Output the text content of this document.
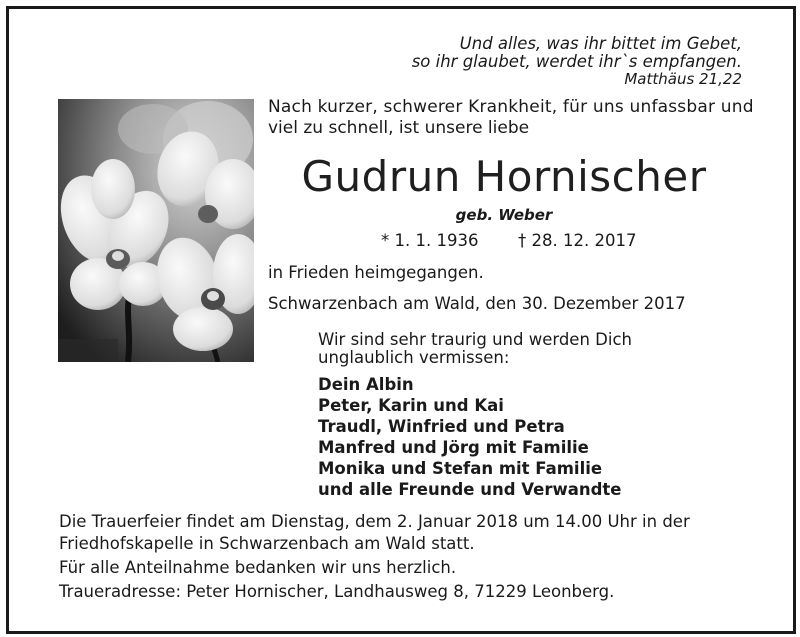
Und alles, was ihr bittet im Gebet,
so ihr glaubet, werdet ihr`s empfangen.
Matthäus 21,22
Nach kurzer, schwerer Krankheit, für uns unfassbar und
viel zu schnell, ist unsere liebe
Gudrun Hornischer
geb. Weber
* 1. 1. 1936 † 28. 12. 2017
in Frieden heimgegangen.
Schwarzenbach am Wald, den 30. Dezember 2017
Wir sind sehr traurig und werden Dich
unglaublich vermissen:
Dein Albin
Peter, Karin und Kai
Traudl, Winfried und Petra
Manfred und Jörg mit Familie
Monika und Stefan mit Familie
und alle Freunde und Verwandte
Die Trauerfeier findet am Dienstag, dem 2. Januar 2018 um 14.00 Uhr in der
Friedhofskapelle in Schwarzenbach am Wald statt.
Für alle Anteilnahme bedanken wir uns herzlich.
Traueradresse: Peter Hornischer, Landhausweg 8, 71229 Leonberg.
